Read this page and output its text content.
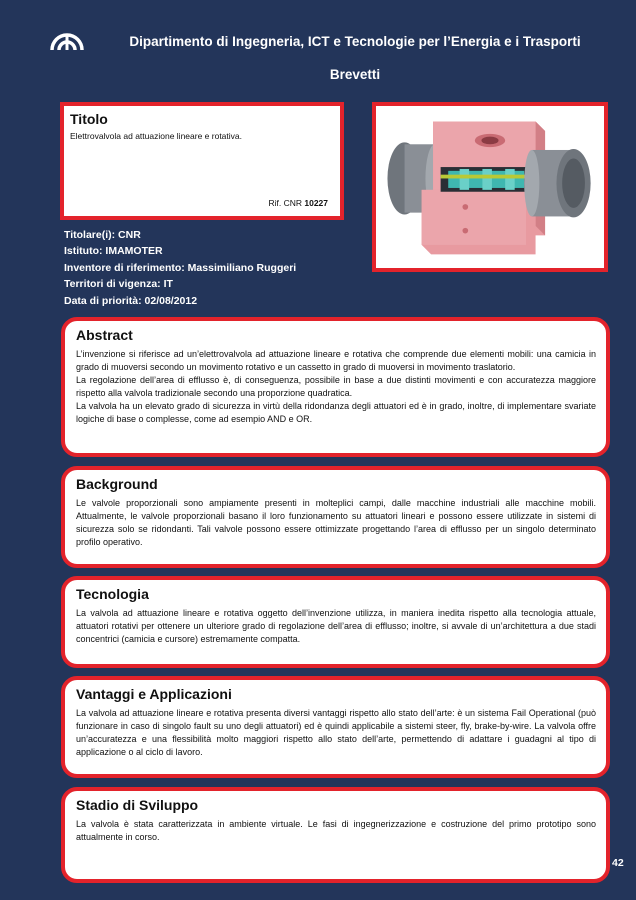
Dipartimento di Ingegneria, ICT e Tecnologie per l’Energia e i Trasporti
Brevetti
Titolo
Elettrovalvola ad attuazione lineare e rotativa.
Rif. CNR 10227
Titolare(i): CNR
Istituto: IMAMOTER
Inventore di riferimento: Massimiliano Ruggeri
Territori di vigenza: IT
Data di priorità: 02/08/2012
Abstract
L’invenzione si riferisce ad un’elettrovalvola ad attuazione lineare e rotativa che comprende due elementi mobili: una camicia in grado di muoversi secondo un movimento rotativo e un cassetto in grado di muoversi in movimento traslatorio.
La regolazione dell’area di efflusso è, di conseguenza, possibile in base a due distinti movimenti e con accuratezza maggiore rispetto alla valvola tradizionale secondo una proporzione quadratica.
La valvola ha un elevato grado di sicurezza in virtù della ridondanza degli attuatori ed è in grado, inoltre, di implementare svariate logiche di base o complesse, come ad esempio AND e OR.
Background
Le valvole proporzionali sono ampiamente presenti in molteplici campi, dalle macchine industriali alle macchine mobili. Attualmente, le valvole proporzionali basano il loro funzionamento su attuatori lineari e possono essere utilizzate in sistemi di sicurezza solo se ridondanti. Tali valvole possono essere ottimizzate progettando l’area di efflusso per un singolo determinato profilo operativo.
Tecnologia
La valvola ad attuazione lineare e rotativa oggetto dell’invenzione utilizza, in maniera inedita rispetto alla tecnologia attuale, attuatori rotativi per ottenere un ulteriore grado di regolazione dell’area di efflusso; inoltre, si avvale di un’architettura a due stadi concentrici (camicia e cursore) estremamente compatta.
Vantaggi e Applicazioni
La valvola ad attuazione lineare e rotativa presenta diversi vantaggi rispetto allo stato dell’arte: è un sistema Fail Operational (può funzionare in caso di singolo fault su uno degli attuatori) ed è quindi applicabile a sistemi steer, fly, brake-by-wire. La valvola offre un’accuratezza e una flessibilità molto maggiori rispetto allo stato dell’arte, permettendo di adattare i guadagni al tipo di applicazione o al ciclo di lavoro.
Stadio di Sviluppo
La valvola è stata caratterizzata in ambiente virtuale. Le fasi di ingegnerizzazione e costruzione del primo prototipo sono attualmente in corso.
42
